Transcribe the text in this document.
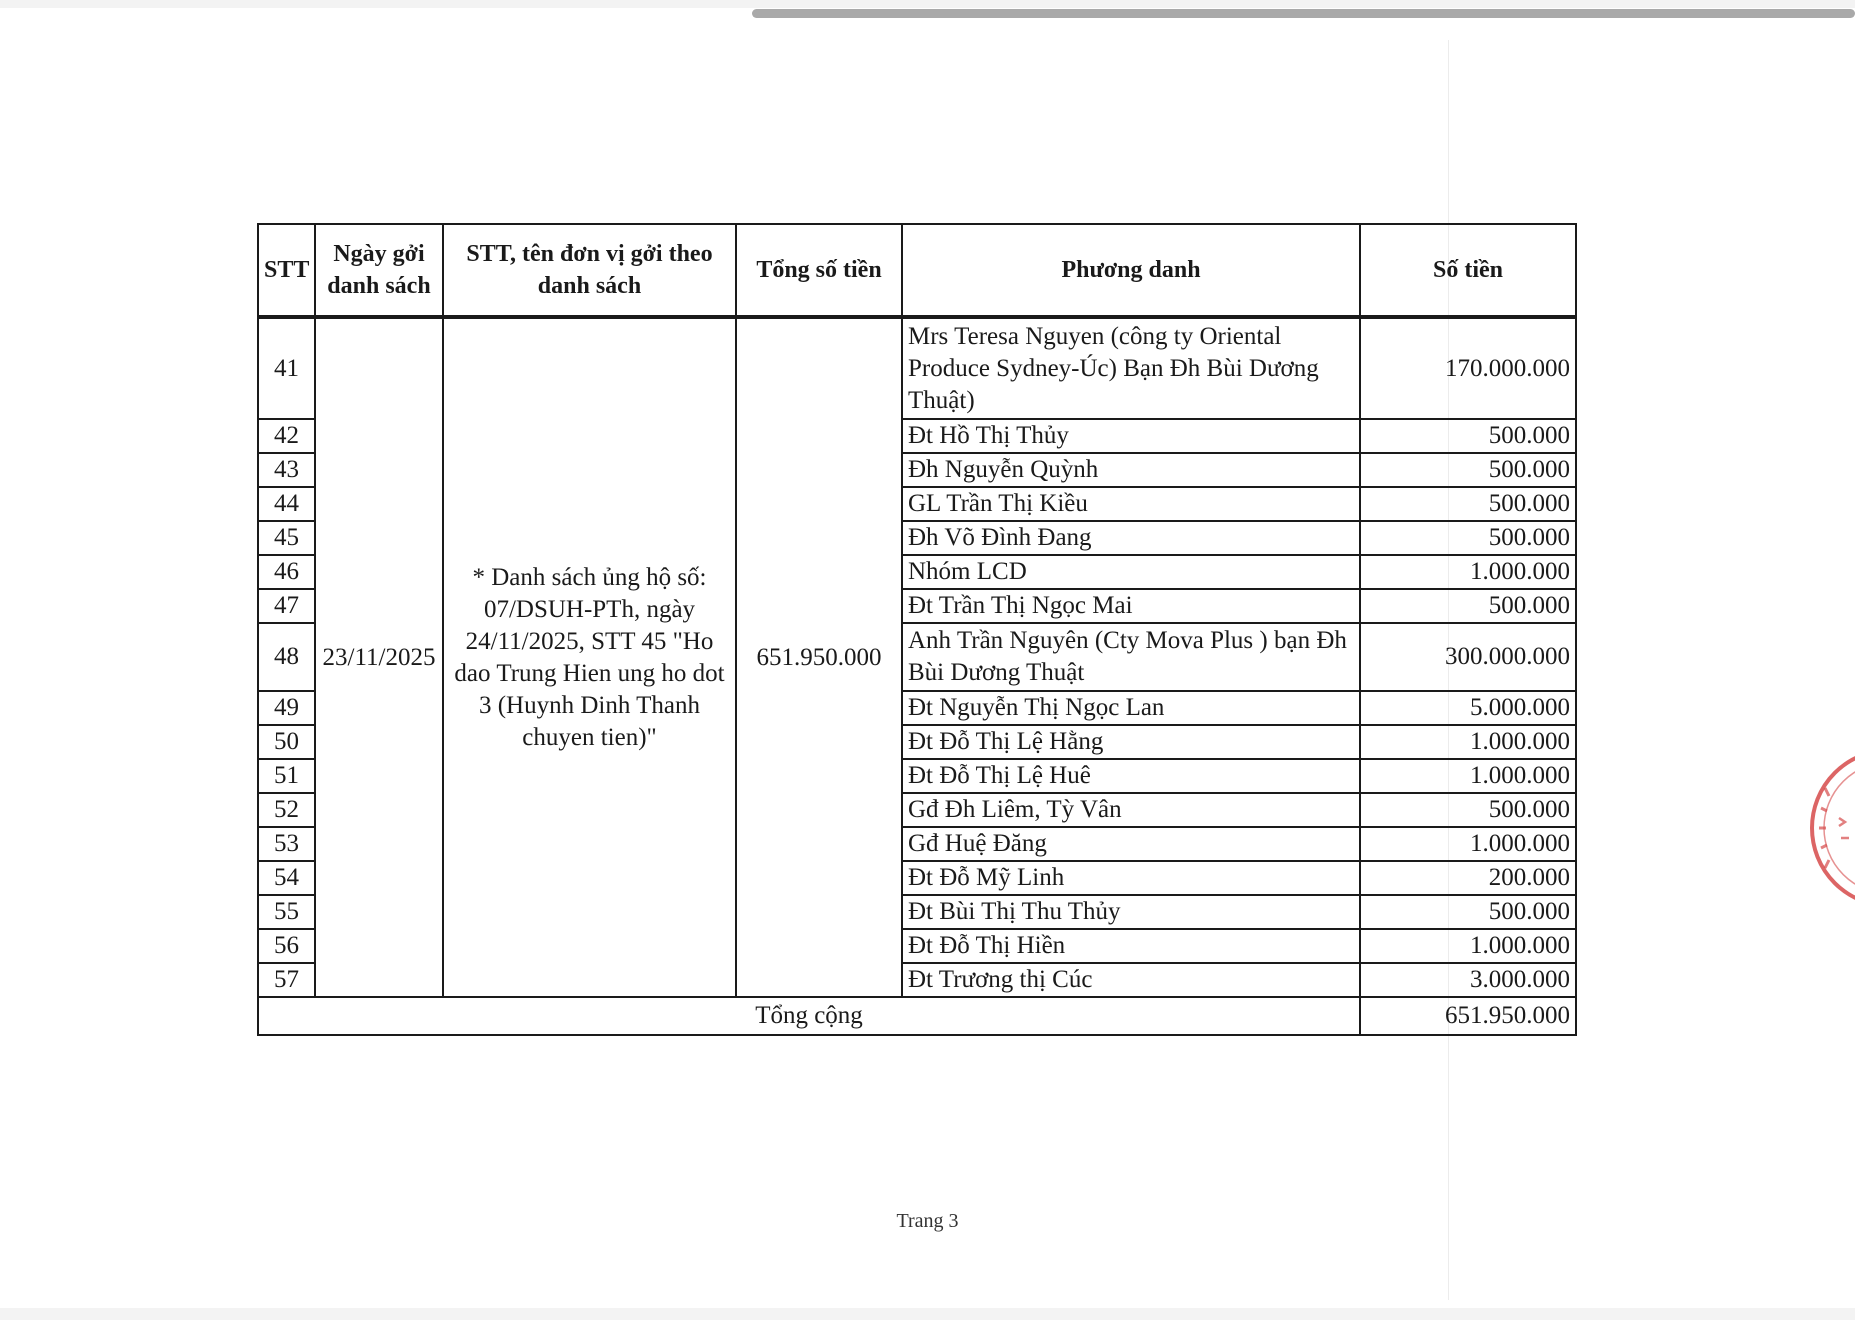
STT	Ngày gởi danh sách	STT, tên đơn vị gởi theo danh sách	Tổng số tiền	Phương danh	Số tiền
41	23/11/2025	* Danh sách ủng hộ số: 07/DSUH-PTh, ngày 24/11/2025, STT 45 "Ho dao Trung Hien ung ho dot 3 (Huynh Dinh Thanh chuyen tien)"	651.950.000	Mrs Teresa Nguyen (công ty Oriental Produce Sydney-Úc) Bạn Đh Bùi Dương Thuật)	170.000.000
42				Đt Hồ Thị Thủy	500.000
43				Đh Nguyễn Quỳnh	500.000
44				GL Trần Thị Kiều	500.000
45				Đh Võ Đình Đang	500.000
46				Nhóm LCD	1.000.000
47				Đt Trần Thị Ngọc Mai	500.000
48				Anh Trần Nguyên (Cty Mova Plus ) bạn Đh Bùi Dương Thuật	300.000.000
49				Đt Nguyễn Thị Ngọc Lan	5.000.000
50				Đt Đỗ Thị Lệ Hằng	1.000.000
51				Đt Đỗ Thị Lệ Huê	1.000.000
52				Gđ Đh Liêm, Tỳ Vân	500.000
53				Gđ Huệ Đăng	1.000.000
54				Đt Đỗ Mỹ Linh	200.000
55				Đt Bùi Thị Thu Thủy	500.000
56				Đt Đỗ Thị Hiền	1.000.000
57				Đt Trương thị Cúc	3.000.000
Tổng cộng					651.950.000
Trang 3
